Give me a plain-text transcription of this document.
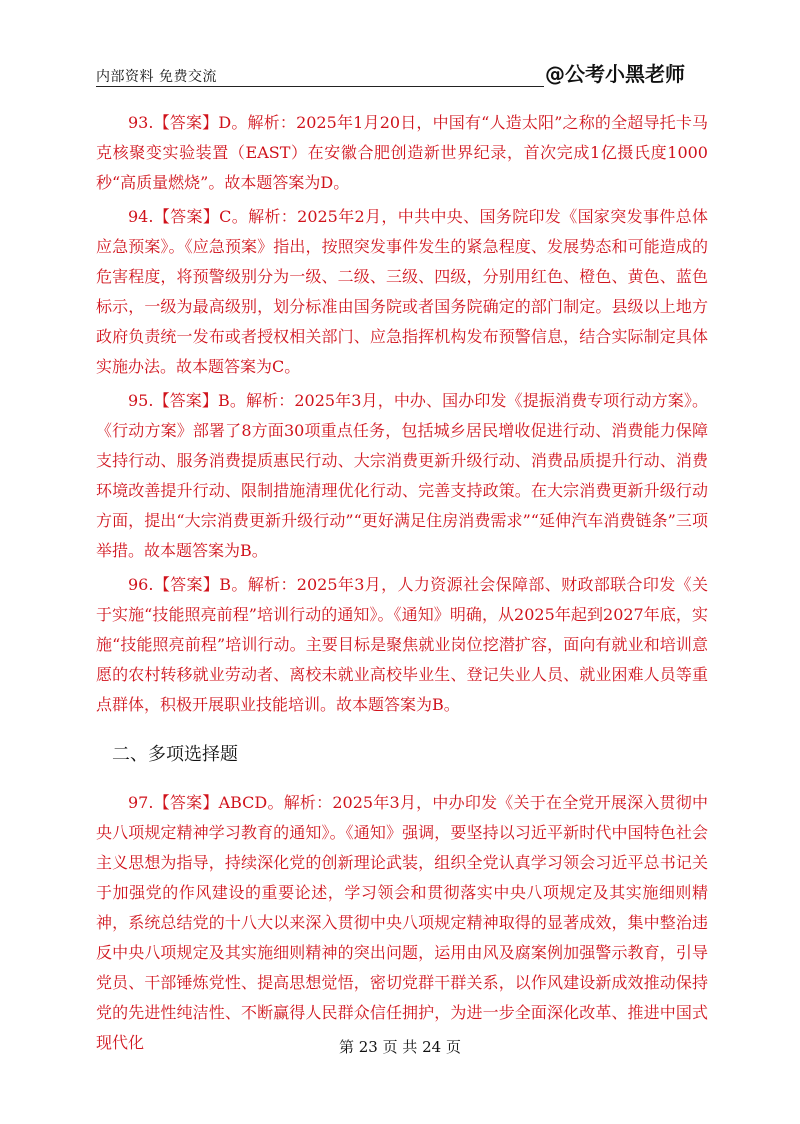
内部资料 免费交流	@公考小黑老师

93.【答案】D。解析：2025年1月20日，中国有“人造太阳”之称的全超导托卡马克核聚变实验装置（EAST）在安徽合肥创造新世界纪录，首次完成1亿摄氏度1000秒“高质量燃烧”。故本题答案为D。

94.【答案】C。解析：2025年2月，中共中央、国务院印发《国家突发事件总体应急预案》。《应急预案》指出，按照突发事件发生的紧急程度、发展势态和可能造成的危害程度，将预警级别分为一级、二级、三级、四级，分别用红色、橙色、黄色、蓝色标示，一级为最高级别，划分标准由国务院或者国务院确定的部门制定。县级以上地方政府负责统一发布或者授权相关部门、应急指挥机构发布预警信息，结合实际制定具体实施办法。故本题答案为C。

95.【答案】B。解析：2025年3月，中办、国办印发《提振消费专项行动方案》。《行动方案》部署了8方面30项重点任务，包括城乡居民增收促进行动、消费能力保障支持行动、服务消费提质惠民行动、大宗消费更新升级行动、消费品质提升行动、消费环境改善提升行动、限制措施清理优化行动、完善支持政策。在大宗消费更新升级行动方面，提出“大宗消费更新升级行动”“更好满足住房消费需求”“延伸汽车消费链条”三项举措。故本题答案为B。

96.【答案】B。解析：2025年3月，人力资源社会保障部、财政部联合印发《关于实施“技能照亮前程”培训行动的通知》。《通知》明确，从2025年起到2027年底，实施“技能照亮前程”培训行动。主要目标是聚焦就业岗位挖潜扩容，面向有就业和培训意愿的农村转移就业劳动者、离校未就业高校毕业生、登记失业人员、就业困难人员等重点群体，积极开展职业技能培训。故本题答案为B。

二、多项选择题

97.【答案】ABCD。解析：2025年3月，中办印发《关于在全党开展深入贯彻中央八项规定精神学习教育的通知》。《通知》强调，要坚持以习近平新时代中国特色社会主义思想为指导，持续深化党的创新理论武装，组织全党认真学习领会习近平总书记关于加强党的作风建设的重要论述，学习领会和贯彻落实中央八项规定及其实施细则精神，系统总结党的十八大以来深入贯彻中央八项规定精神取得的显著成效，集中整治违反中央八项规定及其实施细则精神的突出问题，运用由风及腐案例加强警示教育，引导党员、干部锤炼党性、提高思想觉悟，密切党群干群关系，以作风建设新成效推动保持党的先进性纯洁性、不断赢得人民群众信任拥护，为进一步全面深化改革、推进中国式现代化	第 23 页 共 24 页
